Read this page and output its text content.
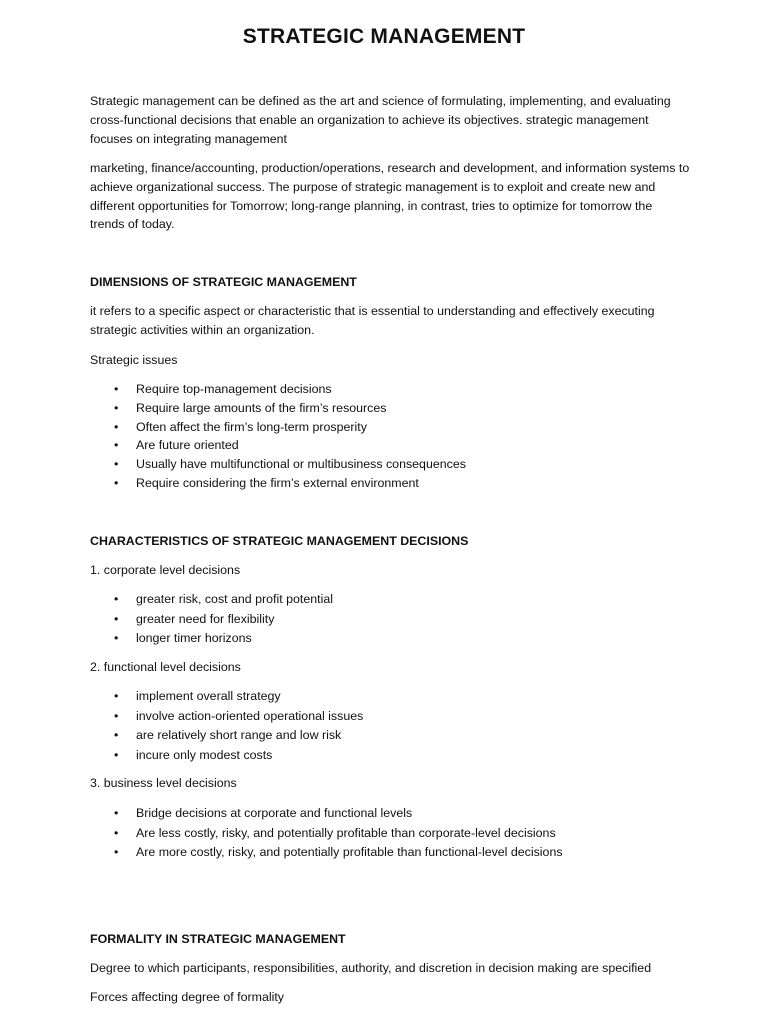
STRATEGIC MANAGEMENT

Strategic management can be defined as the art and science of formulating, implementing, and evaluating cross-functional decisions that enable an organization to achieve its objectives. strategic management focuses on integrating management

marketing, finance/accounting, production/operations, research and development, and information systems to achieve organizational success. The purpose of strategic management is to exploit and create new and different opportunities for Tomorrow; long-range planning, in contrast, tries to optimize for tomorrow the trends of today.

DIMENSIONS OF STRATEGIC MANAGEMENT

it refers to a specific aspect or characteristic that is essential to understanding and effectively executing strategic activities within an organization.

Strategic issues

• Require top-management decisions
• Require large amounts of the firm’s resources
• Often affect the firm’s long-term prosperity
• Are future oriented
• Usually have multifunctional or multibusiness consequences
• Require considering the firm’s external environment

CHARACTERISTICS OF STRATEGIC MANAGEMENT DECISIONS

1. corporate level decisions

• greater risk, cost and profit potential
• greater need for flexibility
• longer timer horizons

2. functional level decisions

• implement overall strategy
• involve action-oriented operational issues
• are relatively short range and low risk
• incure only modest costs

3. business level decisions

• Bridge decisions at corporate and functional levels
• Are less costly, risky, and potentially profitable than corporate-level decisions
• Are more costly, risky, and potentially profitable than functional-level decisions

FORMALITY IN STRATEGIC MANAGEMENT

Degree to which participants, responsibilities, authority, and discretion in decision making are specified

Forces affecting degree of formality
